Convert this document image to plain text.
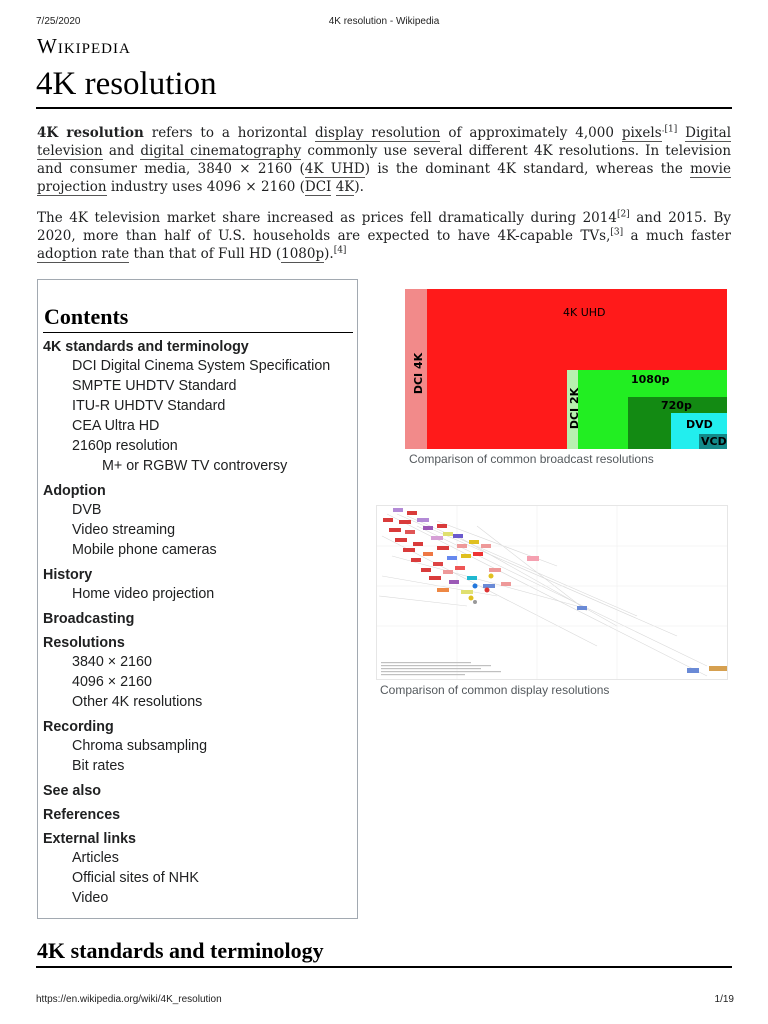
7/25/2020	4K resolution - Wikipedia
Wikipedia
4K resolution

4K resolution refers to a horizontal display resolution of approximately 4,000 pixels$^{.[1]}$ Digital television and digital cinematography commonly use several different 4K resolutions. In television and consumer media, 3840 × 2160 (4K UHD) is the dominant 4K standard, whereas the movie projection industry uses 4096 × 2160 (DCI 4K).

The 4K television market share increased as prices fell dramatically during 2014[2] and 2015. By 2020, more than half of U.S. households are expected to have 4K-capable TVs,[3] a much faster adoption rate than that of Full HD (1080p).[4]

Contents
4K standards and terminology
DCI Digital Cinema System Specification
SMPTE UHDTV Standard
ITU-R UHDTV Standard
CEA Ultra HD
2160p resolution
M+ or RGBW TV controversy
Adoption
DVB
Video streaming
Mobile phone cameras
History
Home video projection
Broadcasting
Resolutions
3840 × 2160
4096 × 2160
Other 4K resolutions
Recording
Chroma subsampling
Bit rates
See also
References
External links
Articles
Official sites of NHK
Video
DCI 4K
4K UHD
DCI 2K
1080p
720p
DVD
VCD
Comparison of common broadcast resolutions
Comparison of common display resolutions
4K standards and terminology
https://en.wikipedia.org/wiki/4K_resolution	1/19
